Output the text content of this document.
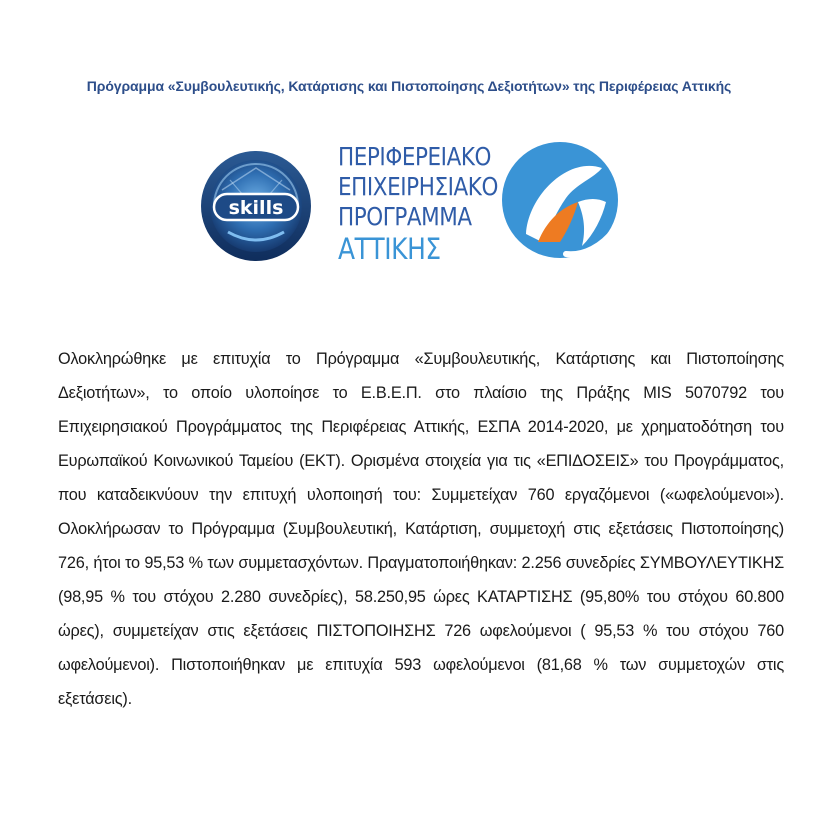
Πρόγραμμα «Συμβουλευτικής, Κατάρτισης και Πιστοποίησης Δεξιοτήτων» της Περιφέρειας Αττικής
skills
ΠΕΡΙΦΕΡΕΙΑΚΟ
ΕΠΙΧΕΙΡΗΣΙΑΚΟ
ΠΡΟΓΡΑΜΜΑ
ΑΤΤΙΚΗΣ

Ολοκληρώθηκε με επιτυχία το Πρόγραμμα «Συμβουλευτικής, Κατάρτισης και Πιστοποίησης Δεξιοτήτων», το οποίο υλοποίησε το Ε.Β.Ε.Π. στο πλαίσιο της Πράξης MIS 5070792 του Επιχειρησιακού Προγράμματος της Περιφέρειας Αττικής, ΕΣΠΑ 2014-2020, με χρηματοδότηση του Ευρωπαϊκού Κοινωνικού Ταμείου (ΕΚΤ). Ορισμένα στοιχεία για τις «ΕΠΙΔΟΣΕΙΣ» του Προγράμματος, που καταδεικνύουν την επιτυχή υλοποιησή του: Συμμετείχαν 760 εργαζόμενοι («ωφελούμενοι»). Ολοκλήρωσαν το Πρόγραμμα (Συμβουλευτική, Κατάρτιση, συμμετοχή στις εξετάσεις Πιστοποίησης) 726, ήτοι το 95,53 % των συμμετασχόντων. Πραγματοποιήθηκαν: 2.256 συνεδρίες ΣΥΜΒΟΥΛΕΥΤΙΚΗΣ (98,95 % του στόχου 2.280 συνεδρίες), 58.250,95 ώρες ΚΑΤΑΡΤΙΣΗΣ (95,80% του στόχου 60.800 ώρες), συμμετείχαν στις εξετάσεις ΠΙΣΤΟΠΟΙΗΣΗΣ 726 ωφελούμενοι ( 95,53 % του στόχου 760 ωφελούμενοι). Πιστοποιήθηκαν με επιτυχία 593 ωφελούμενοι (81,68 % των συμμετοχών στις εξετάσεις).
